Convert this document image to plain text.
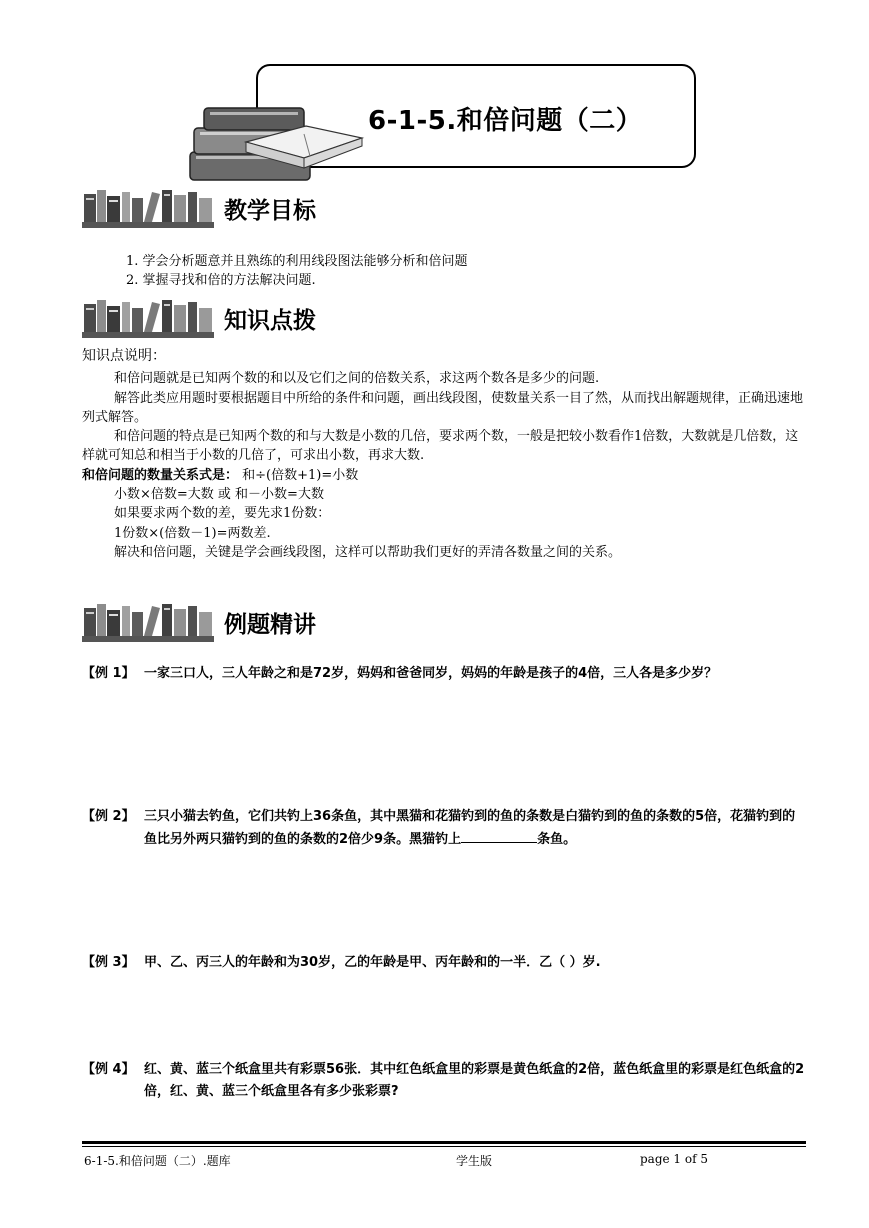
6-1-5.和倍问题（二）
教学目标
1. 学会分析题意并且熟练的利用线段图法能够分析和倍问题
2. 掌握寻找和倍的方法解决问题.
知识点拨

知识点说明：

和倍问题就是已知两个数的和以及它们之间的倍数关系，求这两个数各是多少的问题.

解答此类应用题时要根据题目中所给的条件和问题，画出线段图，使数量关系一目了然，从而找出解题规律，正确迅速地列式解答。

和倍问题的特点是已知两个数的和与大数是小数的几倍，要求两个数，一般是把较小数看作1倍数，大数就是几倍数，这样就可知总和相当于小数的几倍了，可求出小数，再求大数.

和倍问题的数量关系式是： 和÷(倍数+1)=小数

小数×倍数=大数 或 和－小数=大数

如果要求两个数的差，要先求1份数：

1份数×(倍数－1)=两数差.

解决和倍问题，关键是学会画线段图，这样可以帮助我们更好的弄清各数量之间的关系。

例题精讲
【例 1】 一家三口人，三人年龄之和是72岁，妈妈和爸爸同岁，妈妈的年龄是孩子的4倍，三人各是多少岁？
【例 2】 三只小猫去钓鱼，它们共钓上36条鱼，其中黑猫和花猫钓到的鱼的条数是白猫钓到的鱼的条数的5倍，花猫钓到的鱼比另外两只猫钓到的鱼的条数的2倍少9条。黑猫钓上	条鱼。
【例 3】 甲、乙、丙三人的年龄和为30岁，乙的年龄是甲、丙年龄和的一半．乙（ ）岁.
【例 4】 红、黄、蓝三个纸盒里共有彩票56张．其中红色纸盒里的彩票是黄色纸盒的2倍，蓝色纸盒里的彩票是红色纸盒的2倍，红、黄、蓝三个纸盒里各有多少张彩票?
6-1-5.和倍问题（二）.题库	学生版	page 1 of 5
